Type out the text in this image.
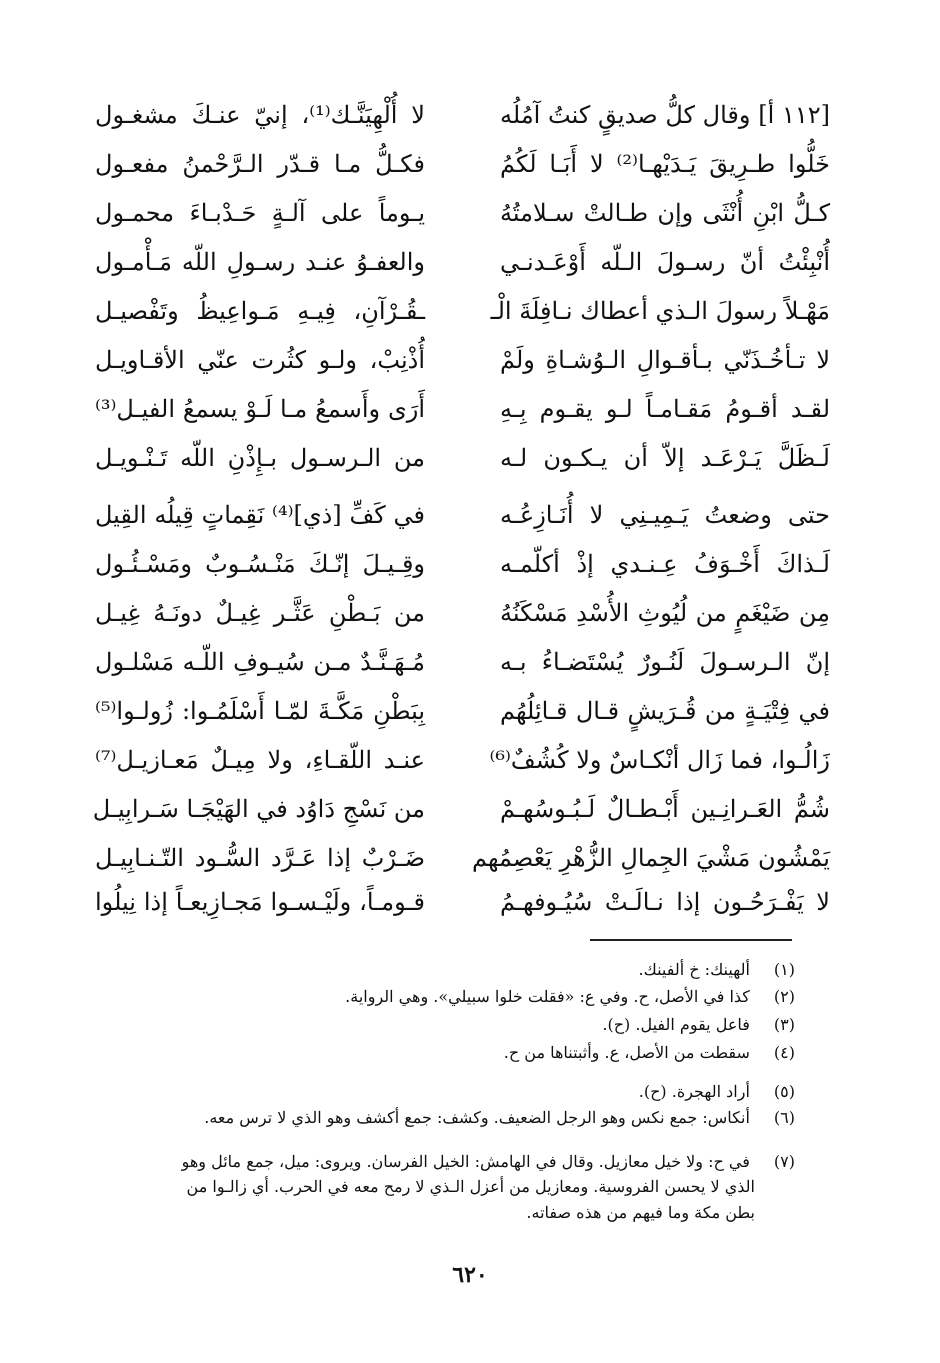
[١١٢ أ] وقال كلُّ صديقٍ كنتُ آمُلُه
لا أُلْهِيَنَّـك⁽¹⁾، إنيّ عنـكَ مشغـول
خَلُّوا طـرِيقَ يَـدَيْهـا⁽²⁾ لا أَبَـا لَكُمُ
فكـلُّ مـا قـدّر الـرَّحْمنُ مفعـول
كـلُّ ابْنِ أُنْثَى وإن طـالتْ سـلامتُهُ
يـوماً على آلـةٍ حَـدْبـاءَ محمـول
أُنْبِئْتُ أنّ رسـولَ الـلّه أَوْعَـدنـي
والعفـوُ عنـد رسـولِ اللّه مَـأْمـول
مَهْـلاً رسولَ الـذي أعطاك نـافِلَةَ الْـ
ـقُـرْآنِ، فِيـهِ مَـواعِيظُ وتَفْصيـل
لا تـأخُـذَنّي بـأقـوالِ الـوُشـاةِ ولَمْ
أُذْنِبْ، ولـو كثُرت عنّي الأقـاويـل
لقـد أقـومُ مَقـامـاً لـو يقـوم بِـهِ
أَرَى وأَسمعُ مـا لَـوْ يسمعُ الفيـل⁽³⁾
لَـظَلَّ يَـرْعَـد إلاّ أن يـكـون لـه
من الـرسـول بـإِذْنِ اللّه تَـنْـويـل
حتى وضعتُ يَـمِيـنِي لا أُنَـازِعُـه
في كَفِّ [ذي]⁽⁴⁾ نَقِماتٍ قِيلُه القِيل
لَـذاكَ أَخْـوَفُ عِـنـدي إذْ أكلّمـه
وقِـيـلَ إنّـكَ مَنْـسُـوبٌ ومَسْـئُـول
مِن ضَيْغَمٍ من لُيُوثِ الأُسْدِ مَسْكَنُهُ
من بَـطْنِ عَثَّـر غِيـلٌ دونَـهُ غِيـل
إنّ الـرسـولَ لَنُـورٌ يُسْتَضـاءُ بـه
مُـهَـنَّـدٌ مـن سُيـوفِ اللّـه مَسْلـول
في فِتْيَـةٍ من قُـرَيشٍ قـال قـائِلُهُم
بِبَطْنِ مَكَّـةَ لمّـا أَسْلَمُـوا: زُولـوا⁽⁵⁾
زَالُـوا، فما زَال أنْكـاسٌ ولا كُشُفٌ⁽⁶⁾
عنـد اللّقـاءِ، ولا مِيـلٌ مَعـازيـل⁽⁷⁾
شُمُّ العَـرانِـين أَبْـطـالٌ لَـبُـوسُهـمْ
من نَسْجِ دَاوُد في الهَيْجَـا سَـرابِيـل
يَمْشُون مَشْيَ الجِمالِ الزُّهْرِ يَعْصِمُهم
ضَـرْبٌ إذا عَـرَّد السُّـود التّـنـابِيـل
لا يَفْـرَحُـون إذا نـالَـتْ سُيُـوفهـمُ
قـومـاً، ولَيْـسـوا مَجـازِيعـاً إذا نِيلُوا
(١) ألهينك: خ ألفينك.
(٢) كذا في الأصل، ح. وفي ع: «فقلت خلوا سبيلي». وهي الرواية.
(٣) فاعل يقوم الفيل. (ح).
(٤) سقطت من الأصل، ع. وأثبتناها من ح.
(٥) أراد الهجرة. (ح).
(٦) أنكاس: جمع نكس وهو الرجل الضعيف. وكشف: جمع أكشف وهو الذي لا ترس معه.
(٧) في ح: ولا خيل معازيل. وقال في الهامش: الخيل الفرسان. ويروى: ميل، جمع مائل وهو
الذي لا يحسن الفروسية. ومعازيل من أعزل الـذي لا رمح معه في الحرب. أي زالـوا من
بطن مكة وما فيهم من هذه صفاته.
٦٢٠
